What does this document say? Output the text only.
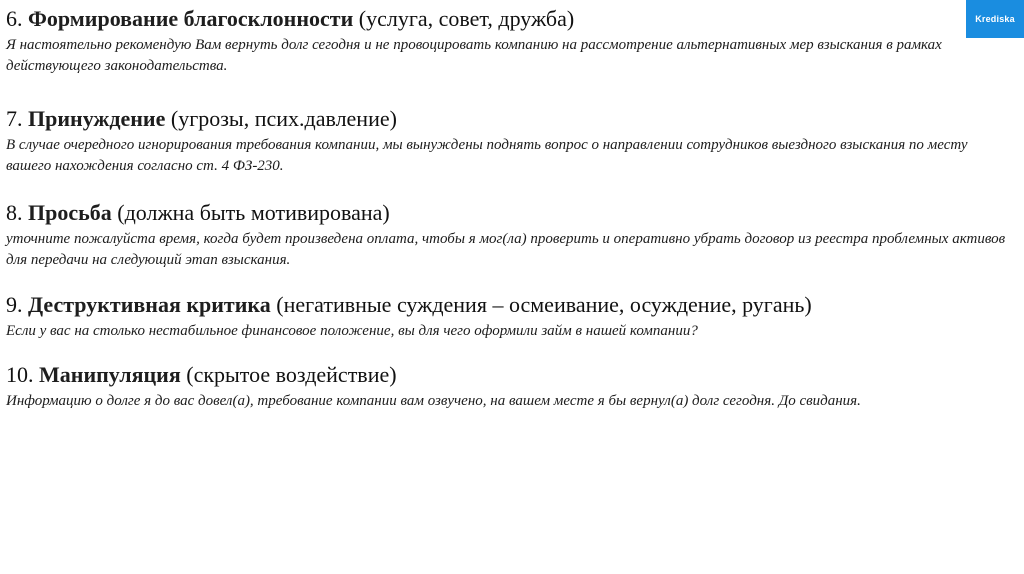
Krediska
6. Формирование благосклонности (услуга, совет, дружба)
Я настоятельно рекомендую Вам вернуть долг сегодня и не провоцировать компанию на рассмотрение альтернативных мер взыскания в рамках действующего законодательства.
7. Принуждение (угрозы, псих.давление)
В случае очередного игнорирования требования компании, мы вынуждены поднять вопрос о направлении сотрудников выездного взыскания по месту вашего нахождения согласно ст. 4 ФЗ-230.
8. Просьба (должна быть мотивирована)
уточните пожалуйста время, когда будет произведена оплата, чтобы я мог(ла) проверить и оперативно убрать договор из реестра проблемных активов для передачи на следующий этап взыскания.
9. Деструктивная критика (негативные суждения – осмеивание, осуждение, ругань)
Если у вас на столько нестабильное финансовое положение, вы для чего оформили займ в нашей компании?
10. Манипуляция (скрытое воздействие)
Информацию о долге я до вас довел(а), требование компании вам озвучено, на вашем месте я бы вернул(а) долг сегодня. До свидания.
